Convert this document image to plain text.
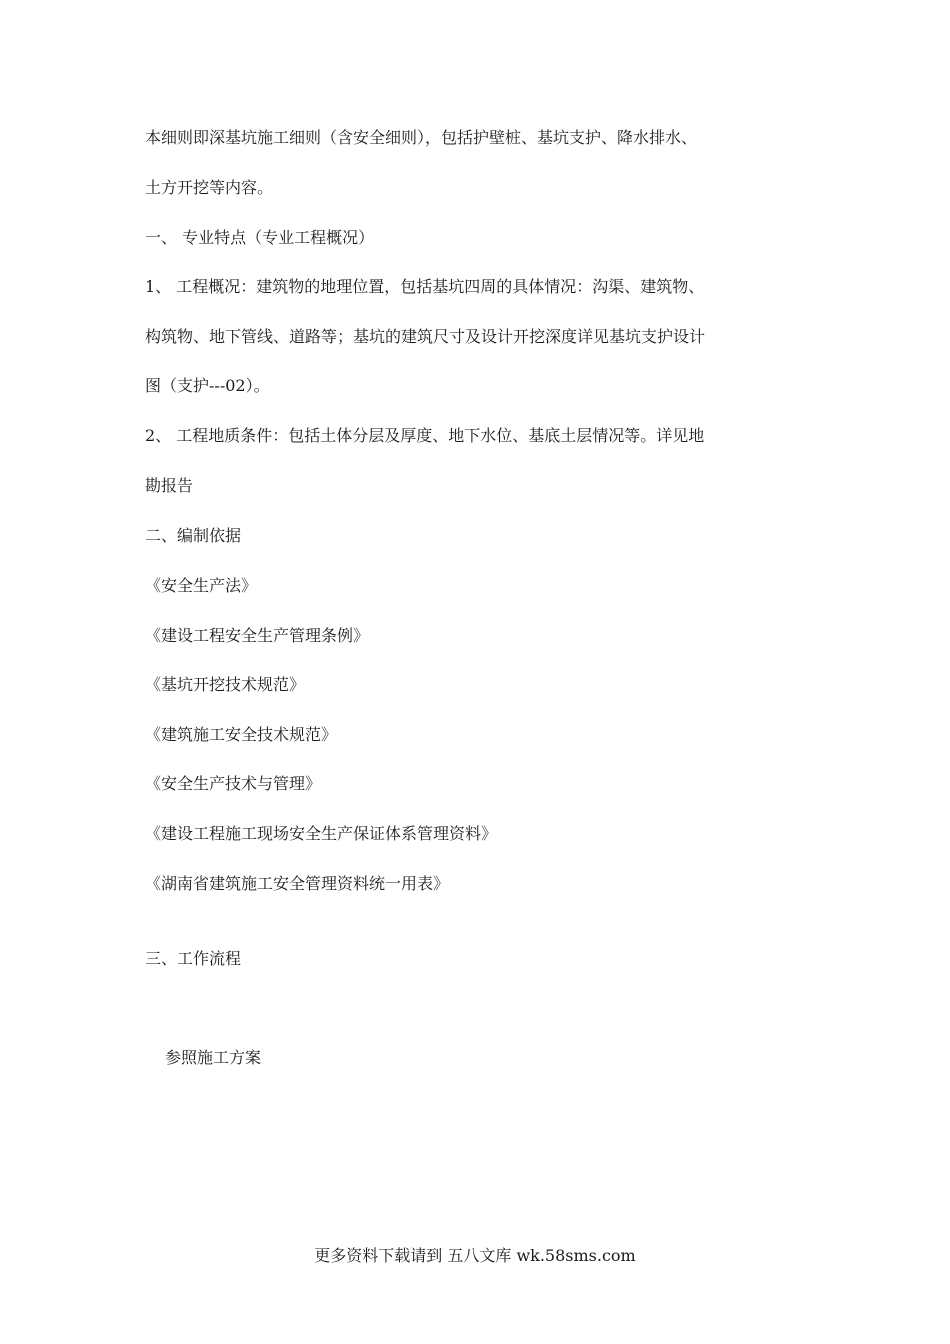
本细则即深基坑施工细则（含安全细则），包括护壁桩、基坑支护、降水排水、
土方开挖等内容。
一、 专业特点（专业工程概况）
1、 工程概况：建筑物的地理位置，包括基坑四周的具体情况：沟渠、建筑物、
构筑物、地下管线、道路等；基坑的建筑尺寸及设计开挖深度详见基坑支护设计
图（支护---02）。
2、 工程地质条件：包括土体分层及厚度、地下水位、基底土层情况等。详见地
勘报告
二、编制依据
《安全生产法》
《建设工程安全生产管理条例》
《基坑开挖技术规范》
《建筑施工安全技术规范》
《安全生产技术与管理》
《建设工程施工现场安全生产保证体系管理资料》
《湖南省建筑施工安全管理资料统一用表》
三、工作流程
参照施工方案
更多资料下载请到 五八文库 wk.58sms.com
